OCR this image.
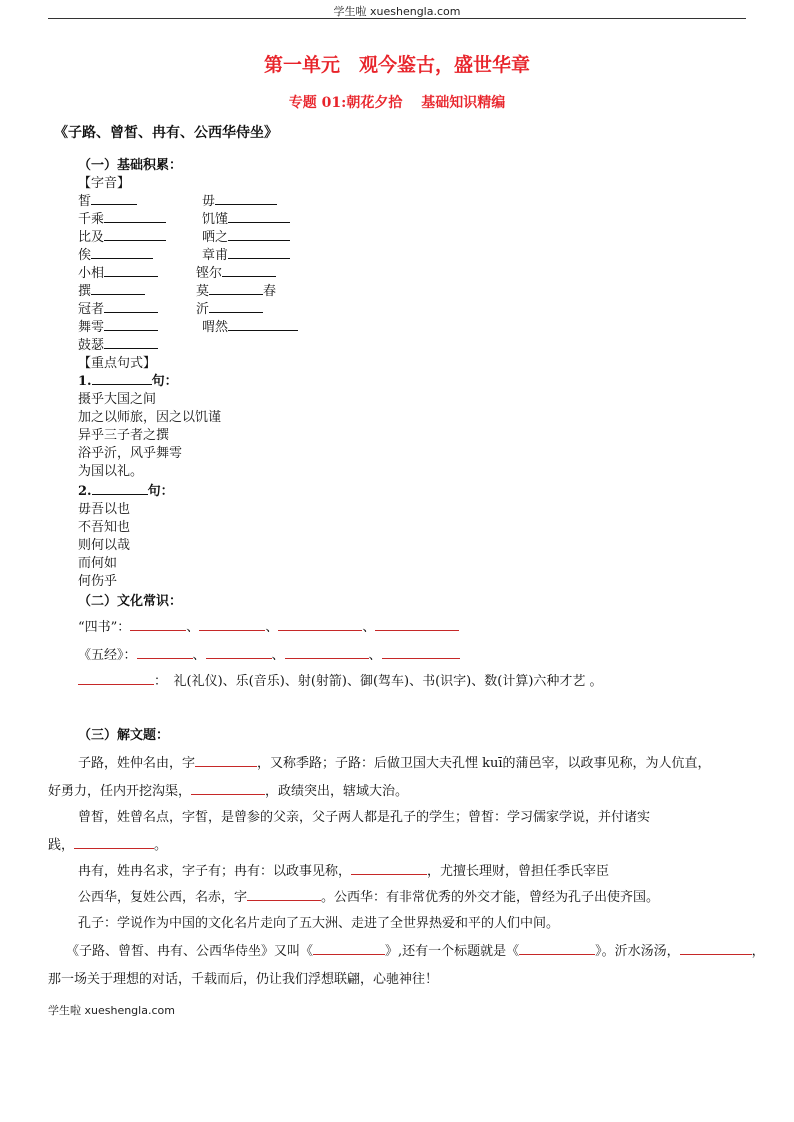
学生啦 xueshengla.com
第一单元　观今鉴古，盛世华章
专题 01:朝花夕拾　 基础知识精编
《子路、曾皙、冉有、公西华侍坐》
（一）基础积累：
【字音】
皙	毋
千乘	饥馑
比及	哂之
俟	章甫
小相	铿尔
撰	莫	春
冠者	沂
舞雩	喟然
鼓瑟
【重点句式】
1.	句：
摄乎大国之间
加之以师旅，因之以饥谨
异乎三子者之撰
浴乎沂，风乎舞雩
为国以礼。
2.	句：
毋吾以也
不吾知也
则何以哉
而何如
何伤乎
（二）文化常识：
“四书”：	、	、	、
《五经》：	、	、	、
：　 礼(礼仪)、乐(音乐)、射(射箭)、御(驾车)、书(识字)、数(计算)六种才艺 。
（三）解文题：
子路，姓仲名由，字	，又称季路；子路：后做卫国大夫孔悝 kuī的蒲邑宰，以政事见称，为人伉直，
好勇力，任内开挖沟渠，	，政绩突出，辖域大治。
曾皙，姓曾名点，字皙，是曾参的父亲，父子两人都是孔子的学生；曾皙：学习儒家学说，并付诸实
践，	。
冉有，姓冉名求，字子有；冉有：以政事见称，	，尤擅长理财，曾担任季氏宰臣
公西华，复姓公西，名赤，字	。公西华：有非常优秀的外交才能，曾经为孔子出使齐国。
孔子：学说作为中国的文化名片走向了五大洲、走进了全世界热爱和平的人们中间。
《子路、曾皙、冉有、公西华侍坐》又叫《	》,还有一个标题就是《	》。沂水汤汤，	，
那一场关于理想的对话，千载而后，仍让我们浮想联翩，心驰神往！
学生啦 xueshengla.com
